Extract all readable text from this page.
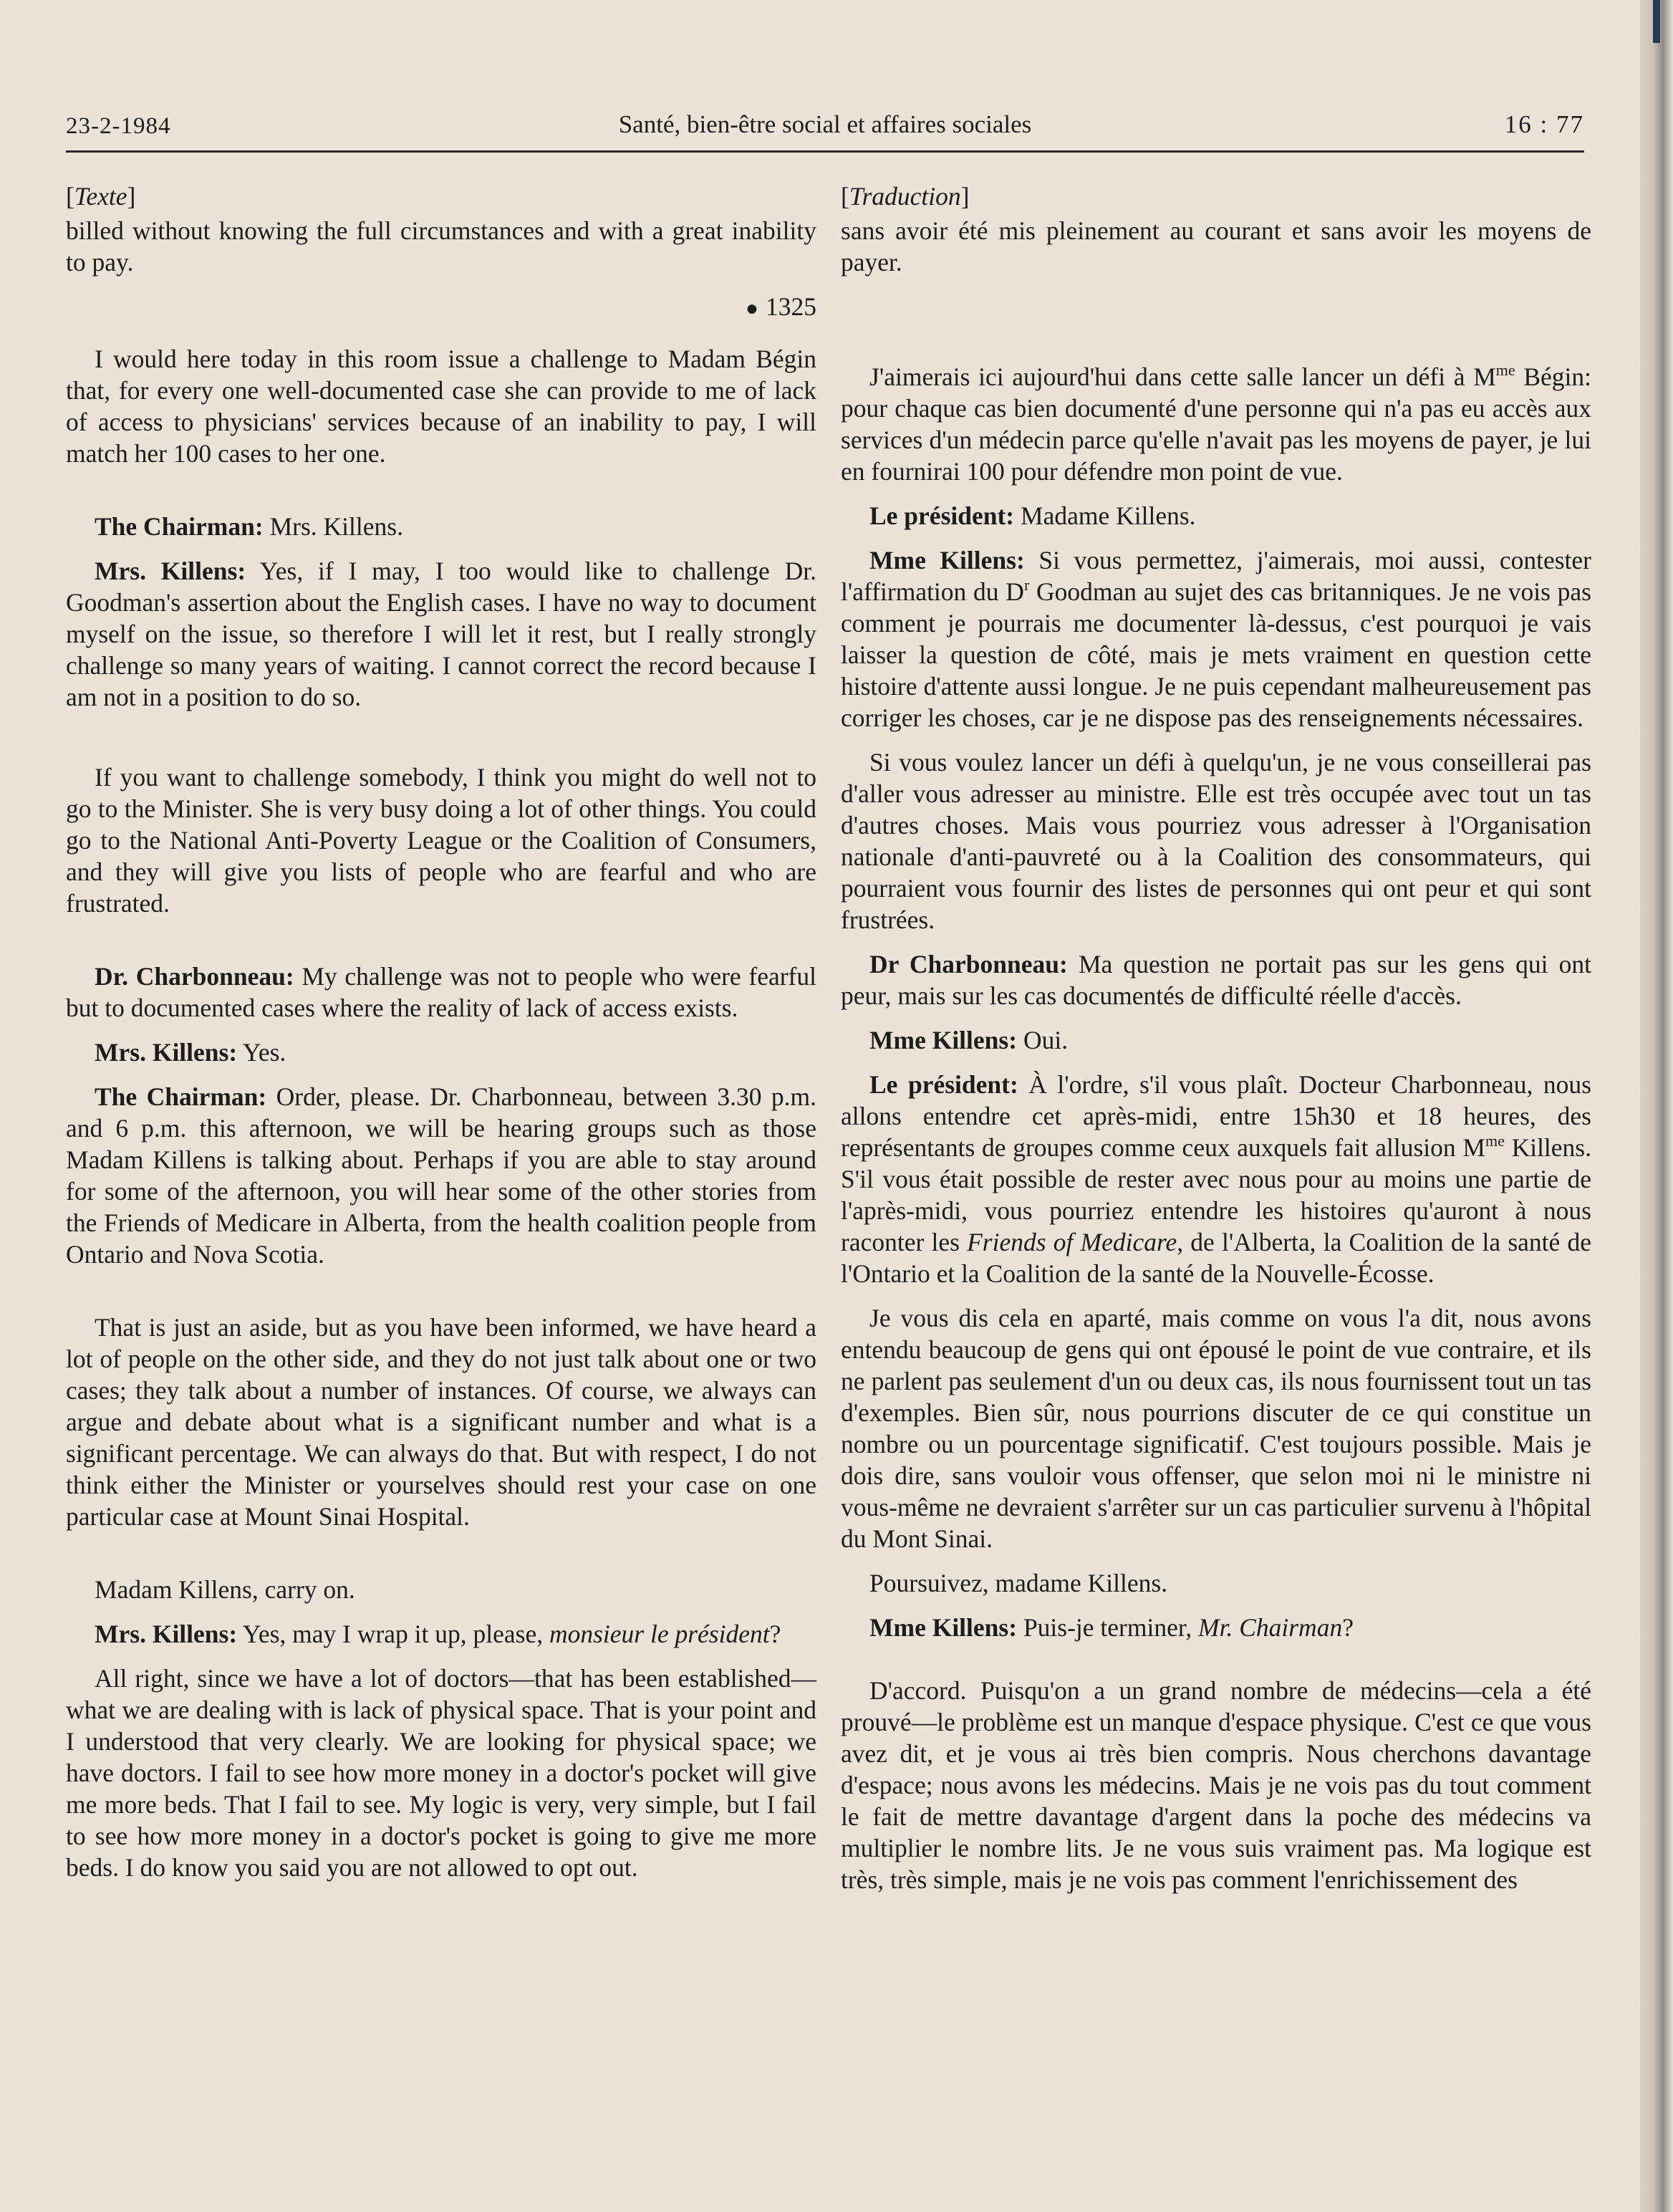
23-2-1984	Santé, bien-être social et affaires sociales	16 : 77
[Texte]

billed without knowing the full circumstances and with a great inability to pay.

● 1325

I would here today in this room issue a challenge to Madam Bégin that, for every one well-documented case she can provide to me of lack of access to physicians' services because of an inability to pay, I will match her 100 cases to her one.

The Chairman: Mrs. Killens.

Mrs. Killens: Yes, if I may, I too would like to challenge Dr. Goodman's assertion about the English cases. I have no way to document myself on the issue, so therefore I will let it rest, but I really strongly challenge so many years of waiting. I cannot correct the record because I am not in a position to do so.

If you want to challenge somebody, I think you might do well not to go to the Minister. She is very busy doing a lot of other things. You could go to the National Anti-Poverty League or the Coalition of Consumers, and they will give you lists of people who are fearful and who are frustrated.

Dr. Charbonneau: My challenge was not to people who were fearful but to documented cases where the reality of lack of access exists.

Mrs. Killens: Yes.

The Chairman: Order, please. Dr. Charbonneau, between 3.30 p.m. and 6 p.m. this afternoon, we will be hearing groups such as those Madam Killens is talking about. Perhaps if you are able to stay around for some of the afternoon, you will hear some of the other stories from the Friends of Medicare in Alberta, from the health coalition people from Ontario and Nova Scotia.

That is just an aside, but as you have been informed, we have heard a lot of people on the other side, and they do not just talk about one or two cases; they talk about a number of instances. Of course, we always can argue and debate about what is a significant number and what is a significant percentage. We can always do that. But with respect, I do not think either the Minister or yourselves should rest your case on one particular case at Mount Sinai Hospital.

Madam Killens, carry on.

Mrs. Killens: Yes, may I wrap it up, please, monsieur le président?

All right, since we have a lot of doctors—that has been established—what we are dealing with is lack of physical space. That is your point and I understood that very clearly. We are looking for physical space; we have doctors. I fail to see how more money in a doctor's pocket will give me more beds. That I fail to see. My logic is very, very simple, but I fail to see how more money in a doctor's pocket is going to give me more beds. I do know you said you are not allowed to opt out.

[Traduction]

sans avoir été mis pleinement au courant et sans avoir les moyens de payer.

J'aimerais ici aujourd'hui dans cette salle lancer un défi à $M^{me}$ Bégin: pour chaque cas bien documenté d'une personne qui n'a pas eu accès aux services d'un médecin parce qu'elle n'avait pas les moyens de payer, je lui en fournirai 100 pour défendre mon point de vue.

Le président: Madame Killens.

Mme Killens: Si vous permettez, j'aimerais, moi aussi, contester l'affirmation du $D^r$ Goodman au sujet des cas britanniques. Je ne vois pas comment je pourrais me documenter là-dessus, c'est pourquoi je vais laisser la question de côté, mais je mets vraiment en question cette histoire d'attente aussi longue. Je ne puis cependant malheureusement pas corriger les choses, car je ne dispose pas des renseignements nécessaires.

Si vous voulez lancer un défi à quelqu'un, je ne vous conseillerai pas d'aller vous adresser au ministre. Elle est très occupée avec tout un tas d'autres choses. Mais vous pourriez vous adresser à l'Organisation nationale d'anti-pauvreté ou à la Coalition des consommateurs, qui pourraient vous fournir des listes de personnes qui ont peur et qui sont frustrées.

Dr Charbonneau: Ma question ne portait pas sur les gens qui ont peur, mais sur les cas documentés de difficulté réelle d'accès.

Mme Killens: Oui.

Le président: À l'ordre, s'il vous plaît. Docteur Charbonneau, nous allons entendre cet après-midi, entre 15h30 et 18 heures, des représentants de groupes comme ceux auxquels fait allusion $M^{me}$ Killens. S'il vous était possible de rester avec nous pour au moins une partie de l'après-midi, vous pourriez entendre les histoires qu'auront à nous raconter les Friends of Medicare, de l'Alberta, la Coalition de la santé de l'Ontario et la Coalition de la santé de la Nouvelle-Écosse.

Je vous dis cela en aparté, mais comme on vous l'a dit, nous avons entendu beaucoup de gens qui ont épousé le point de vue contraire, et ils ne parlent pas seulement d'un ou deux cas, ils nous fournissent tout un tas d'exemples. Bien sûr, nous pourrions discuter de ce qui constitue un nombre ou un pourcentage significatif. C'est toujours possible. Mais je dois dire, sans vouloir vous offenser, que selon moi ni le ministre ni vous-même ne devraient s'arrêter sur un cas particulier survenu à l'hôpital du Mont Sinai.

Poursuivez, madame Killens.

Mme Killens: Puis-je terminer, Mr. Chairman?

D'accord. Puisqu'on a un grand nombre de médecins—cela a été prouvé—le problème est un manque d'espace physique. C'est ce que vous avez dit, et je vous ai très bien compris. Nous cherchons davantage d'espace; nous avons les médecins. Mais je ne vois pas du tout comment le fait de mettre davantage d'argent dans la poche des médecins va multiplier le nombre lits. Je ne vous suis vraiment pas. Ma logique est très, très simple, mais je ne vois pas comment l'enrichissement des
